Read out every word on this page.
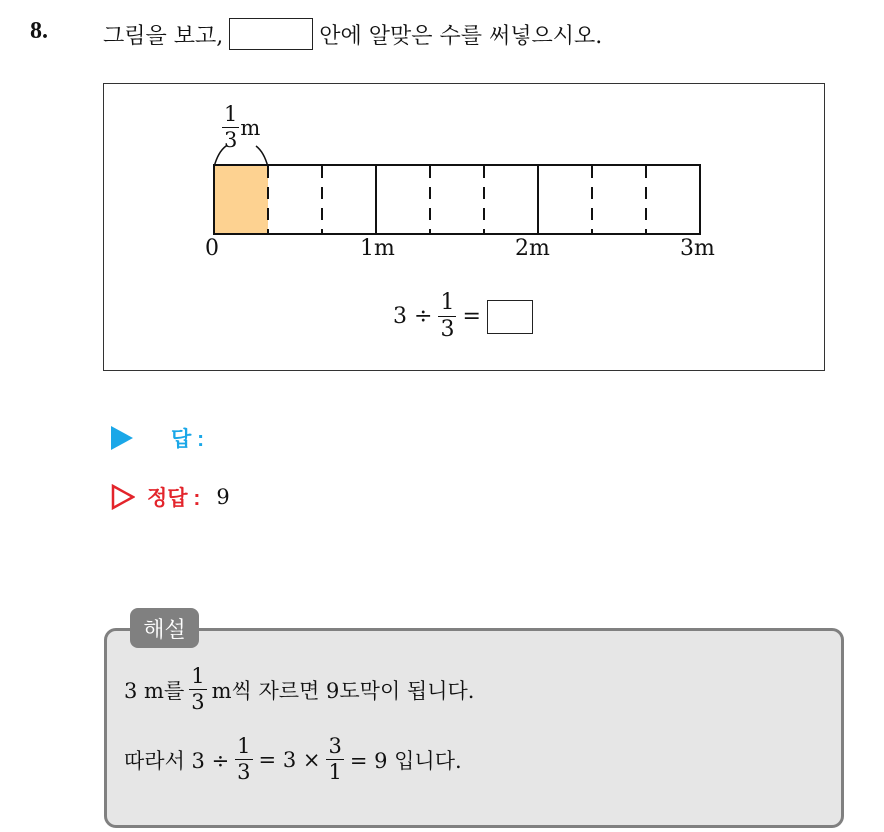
8.	그림을 보고,	안에 알맞은 수를 써넣으시오.
$\frac{1}{3}$ m
0	1m	2m	3m
$3 \div \frac{1}{3}$ =
답 :
정답 : 9
해설
3 m를 $\frac{1}{3}$ m씩 자르면 9도막이 됩니다.
따라서 $3 \div \frac{1}{3} = 3 \times \frac{3}{1} = 9$ 입니다.
